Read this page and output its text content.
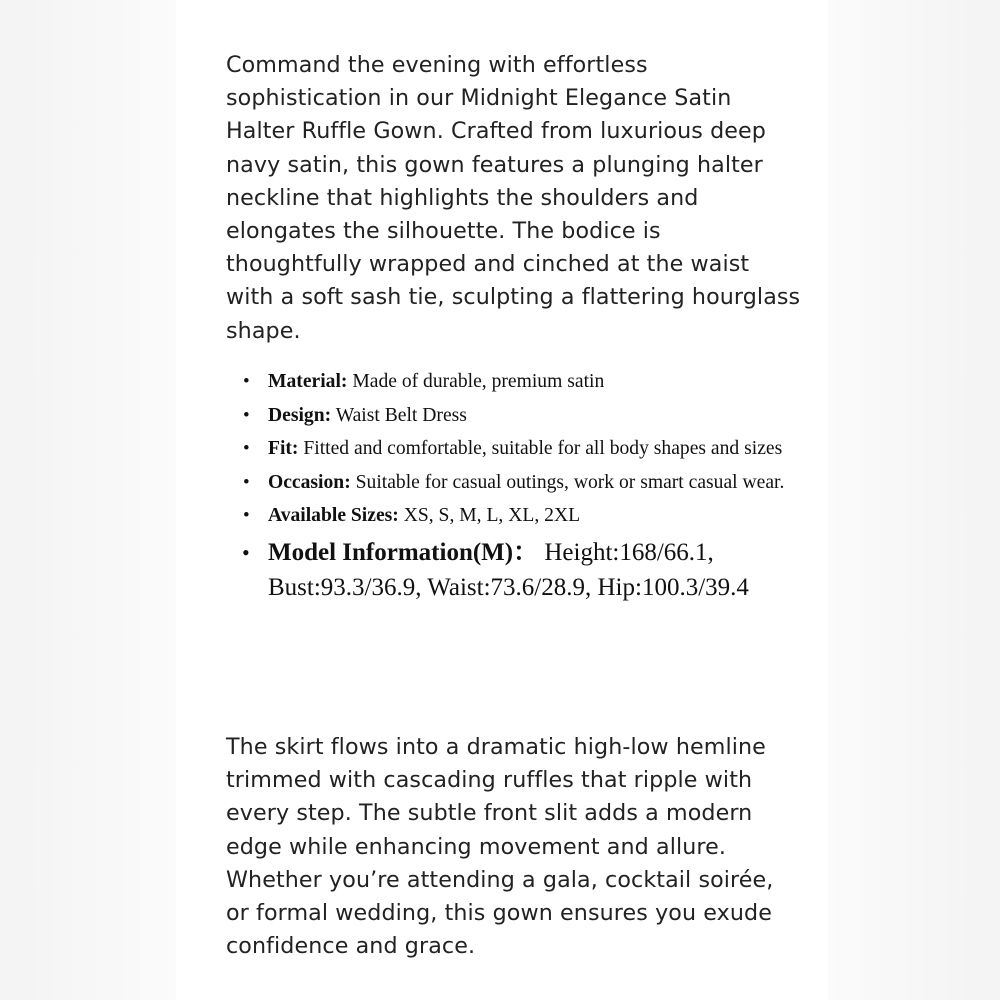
Command the evening with effortless sophistication in our Midnight Elegance Satin Halter Ruffle Gown. Crafted from luxurious deep navy satin, this gown features a plunging halter neckline that highlights the shoulders and elongates the silhouette. The bodice is thoughtfully wrapped and cinched at the waist with a soft sash tie, sculpting a flattering hourglass shape.

• Material: Made of durable, premium satin
• Design: Waist Belt Dress
• Fit: Fitted and comfortable, suitable for all body shapes and sizes
• Occasion: Suitable for casual outings, work or smart casual wear.
• Available Sizes: XS, S, M, L, XL, 2XL
• Model Information(M)： Height:168/66.1, Bust:93.3/36.9, Waist:73.6/28.9, Hip:100.3/39.4

The skirt flows into a dramatic high-low hemline trimmed with cascading ruffles that ripple with every step. The subtle front slit adds a modern edge while enhancing movement and allure. Whether you’re attending a gala, cocktail soirée, or formal wedding, this gown ensures you exude confidence and grace.
